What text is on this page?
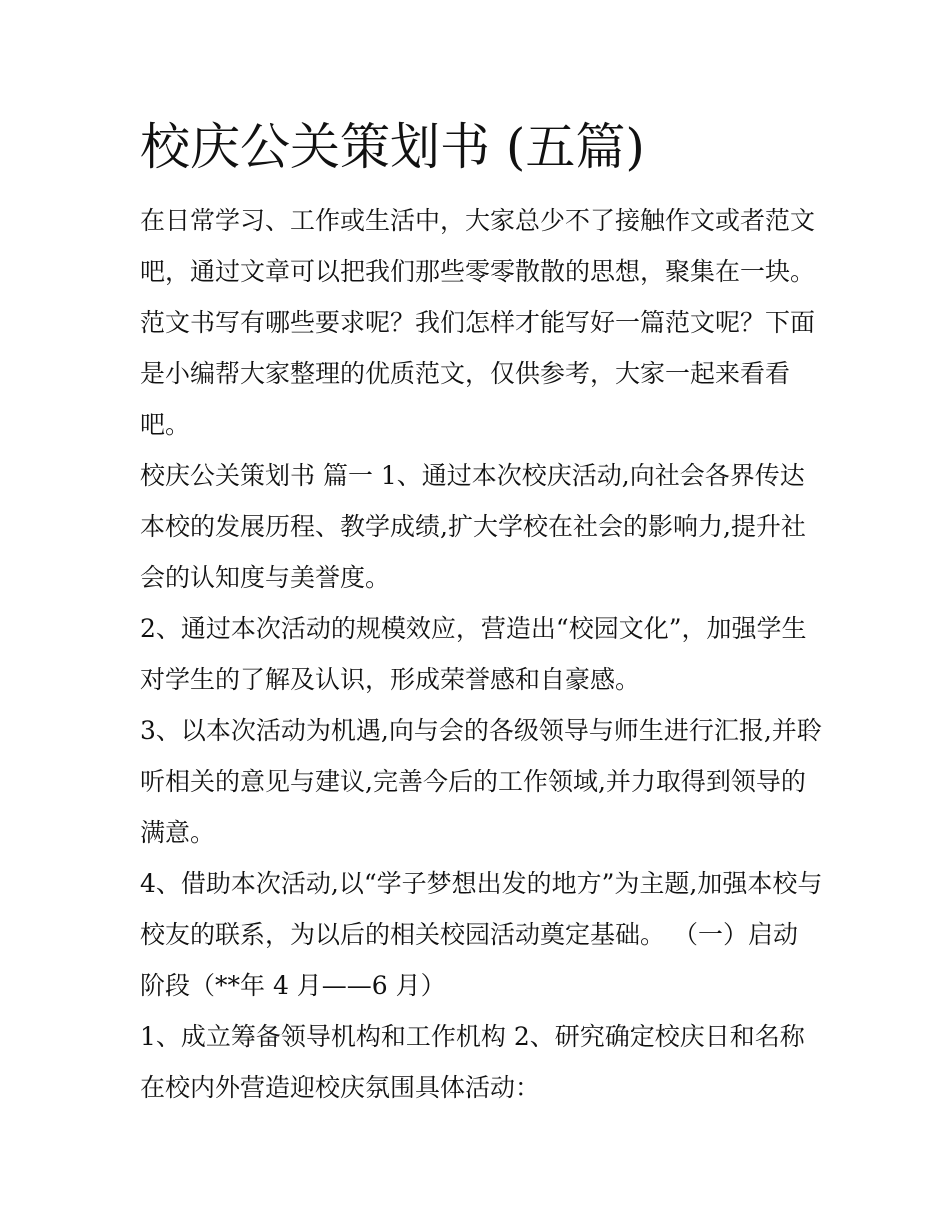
校庆公关策划书 (五篇)

在日常学习、工作或生活中，大家总少不了接触作文或者范文

吧，通过文章可以把我们那些零零散散的思想，聚集在一块。

范文书写有哪些要求呢？我们怎样才能写好一篇范文呢？下面

是小编帮大家整理的优质范文，仅供参考，大家一起来看看

吧。

校庆公关策划书 篇一 1、通过本次校庆活动,向社会各界传达

本校的发展历程、教学成绩,扩大学校在社会的影响力,提升社

会的认知度与美誉度。

2、通过本次活动的规模效应，营造出“校园文化”，加强学生

对学生的了解及认识，形成荣誉感和自豪感。

3、以本次活动为机遇,向与会的各级领导与师生进行汇报,并聆

听相关的意见与建议,完善今后的工作领域,并力取得到领导的

满意。

4、借助本次活动,以“学子梦想出发的地方”为主题,加强本校与

校友的联系，为以后的相关校园活动奠定基础。 （一）启动

阶段（**年 4 月——6 月）

1、成立筹备领导机构和工作机构 2、研究确定校庆日和名称

在校内外营造迎校庆氛围具体活动：
